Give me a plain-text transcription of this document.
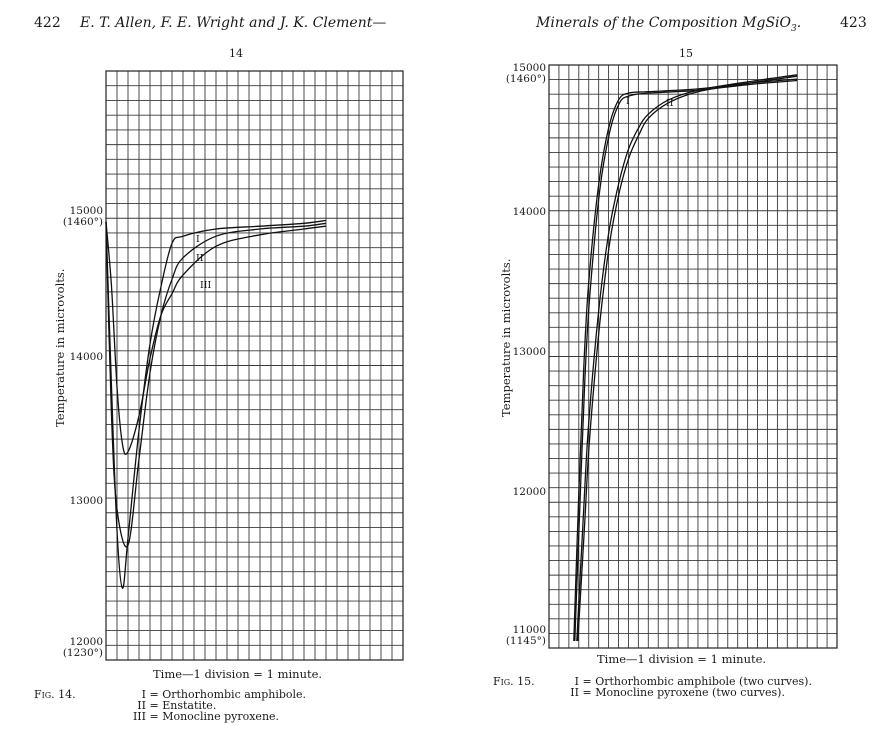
422 E. T. Allen, F. E. Wright and J. K. Clement—	Minerals of the Composition MgSiO$_3$.	423
14
Temperature in microvolts.
12000
(1230°)
13000
14000
15000
(1460°)
I
II
III
Time—1 division = 1 minute.
Fig. 14.	I = Orthorhombic amphibole.
II = Enstatite.
III = Monocline pyroxene.
15
Temperature in microvolts.
11000
(1145°)
12000
13000
14000
15000
(1460°)
I	II
Time—1 division = 1 minute.
Fig. 15.	I = Orthorhombic amphibole (two curves).
II = Monocline pyroxene (two curves).
